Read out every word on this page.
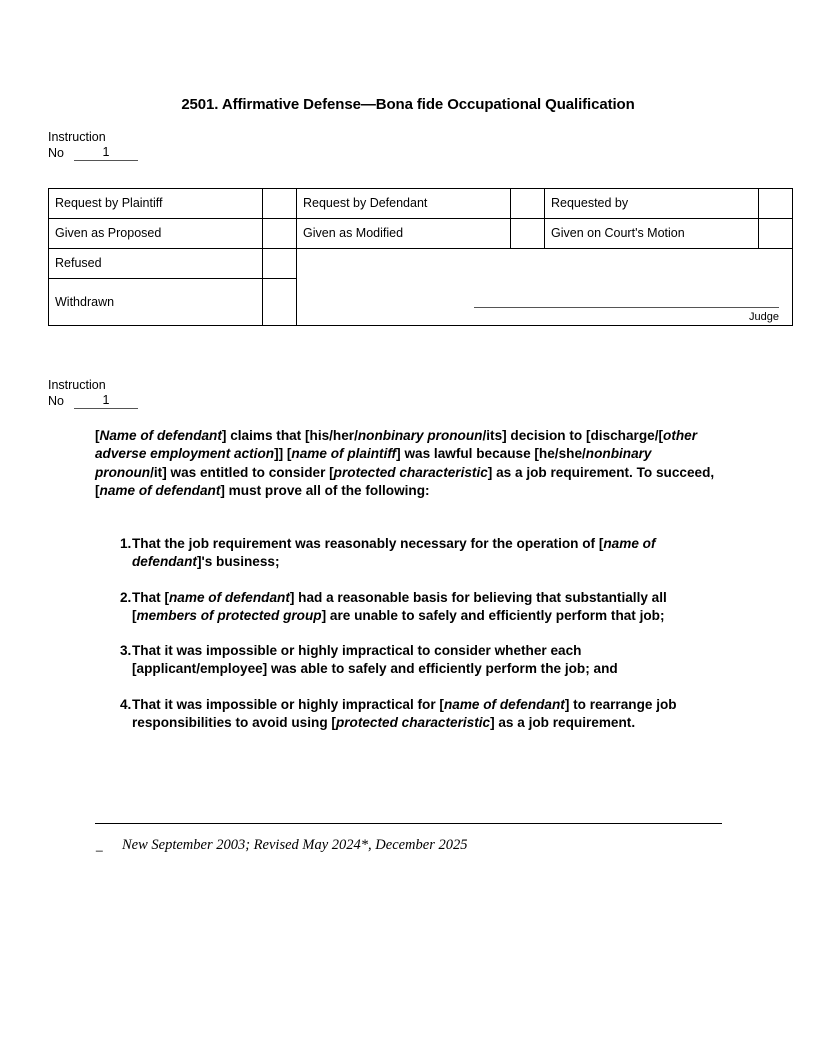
2501. Affirmative Defense—Bona fide Occupational Qualification
Instruction
No	1
Request by Plaintiff		Request by Defendant		Requested by	
Given as Proposed		Given as Modified		Given on Court's Motion	
Refused		Judge			

Withdrawn					
Instruction
No	1
[Name of defendant] claims that [his/her/nonbinary pronoun/its] decision to [discharge/[other adverse employment action]] [name of plaintiff] was lawful because [he/she/nonbinary pronoun/it] was entitled to consider [protected characteristic] as a job requirement. To succeed, [name of defendant] must prove all of the following:
1. That the job requirement was reasonably necessary for the operation of [name of defendant]'s business;
2. That [name of defendant] had a reasonable basis for believing that substantially all [members of protected group] are unable to safely and efficiently perform that job;
3. That it was impossible or highly impractical to consider whether each [applicant/employee] was able to safely and efficiently perform the job; and
4. That it was impossible or highly impractical for [name of defendant] to rearrange job responsibilities to avoid using [protected characteristic] as a job requirement.
_	New September 2003; Revised May 2024*, December 2025
